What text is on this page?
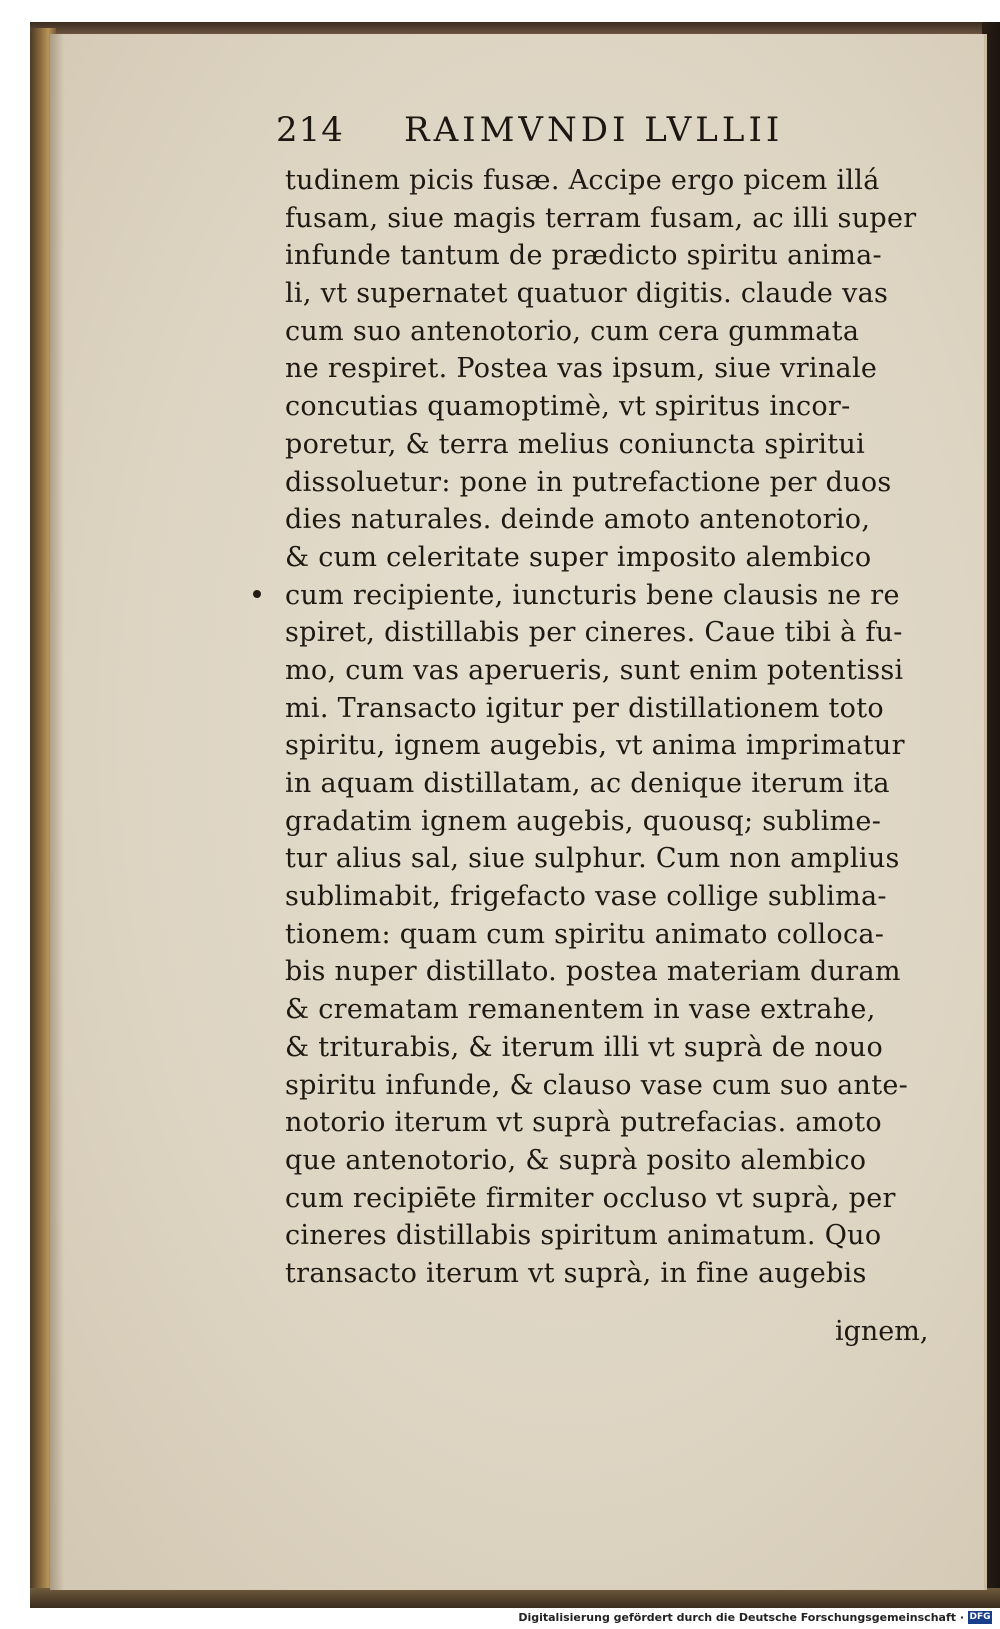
214 RAIMVNDI LVLLII
tudinem picis fusæ. Accipe ergo picem illá
fusam, siue magis terram fusam, ac illi super
infunde tantum de prædicto spiritu anima-
li, vt supernatet quatuor digitis. claude vas
cum suo antenotorio, cum cera gummata
ne respiret. Postea vas ipsum, siue vrinale
concutias quamoptimè, vt spiritus incor-
poretur, & terra melius coniuncta spiritui
dissoluetur: pone in putrefactione per duos
dies naturales. deinde amoto antenotorio,
& cum celeritate super imposito alembico
cum recipiente, iuncturis bene clausis ne re
spiret, distillabis per cineres. Caue tibi à fu-
mo, cum vas aperueris, sunt enim potentissi
mi. Transacto igitur per distillationem toto
spiritu, ignem augebis, vt anima imprimatur
in aquam distillatam, ac denique iterum ita
gradatim ignem augebis, quousq; sublime-
tur alius sal, siue sulphur. Cum non amplius
sublimabit, frigefacto vase collige sublima-
tionem: quam cum spiritu animato colloca-
bis nuper distillato. postea materiam duram
& crematam remanentem in vase extrahe,
& triturabis, & iterum illi vt suprà de nouo
spiritu infunde, & clauso vase cum suo ante-
notorio iterum vt suprà putrefacias. amoto
que antenotorio, & suprà posito alembico
cum recipiēte firmiter occluso vt suprà, per
cineres distillabis spiritum animatum. Quo
transacto iterum vt suprà, in fine augebis
ignem,
Digitalisierung gefördert durch die Deutsche Forschungsgemeinschaft · DFG
